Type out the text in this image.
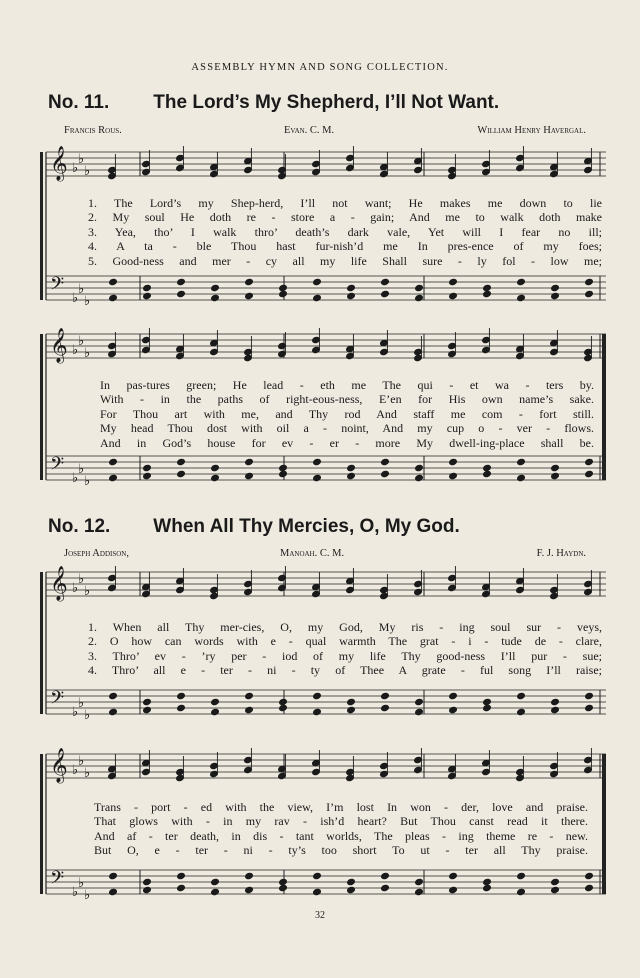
ASSEMBLY HYMN AND SONG COLLECTION.
No. 11. The Lord’s My Shepherd, I’ll Not Want.
Francis Rous.	Evan. C. M.	William Henry Havergal.
𝄞
𝄢
♭
♭
♭
♭
♭
♭
𝄞
𝄢
♭
♭
♭
♭
♭
♭
𝄞
𝄢
♭
♭
♭
♭
♭
♭
𝄞
𝄢
♭
♭
♭
♭
♭
♭
1. The Lord’s my Shep-herd, I’ll not want; He makes me down to lie
2. My soul He doth re - store a - gain; And me to walk doth make
3. Yea, tho’ I walk thro’ death’s dark vale, Yet will I fear no ill;
4. A ta - ble Thou hast fur-nish’d me In pres-ence of my foes;
5. Good-ness and mer - cy all my life Shall sure - ly fol - low me;
In pas-tures green; He lead - eth me The qui - et wa - ters by.
With - in the paths of right-eous-ness, E’en for His own name’s sake.
For Thou art with me, and Thy rod And staff me com - fort still.
My head Thou dost with oil a - noint, And my cup o - ver - flows.
And in God’s house for ev - er - more My dwell-ing-place shall be.
No. 12. When All Thy Mercies, O, My God.
Joseph Addison,	Manoah. C. M.	F. J. Haydn.
1. When all Thy mer-cies, O, my God, My ris - ing soul sur - veys,
2. O how can words with e - qual warmth The grat - i - tude de - clare,
3. Thro’ ev - ’ry per - iod of my life Thy good-ness I’ll pur - sue;
4. Thro’ all e - ter - ni - ty of Thee A grate - ful song I’ll raise;
Trans - port - ed with the view, I’m lost In won - der, love and praise.
That glows with - in my rav - ish’d heart? But Thou canst read it there.
And af - ter death, in dis - tant worlds, The pleas - ing theme re - new.
But O, e - ter - ni - ty’s too short To ut - ter all Thy praise.
32
